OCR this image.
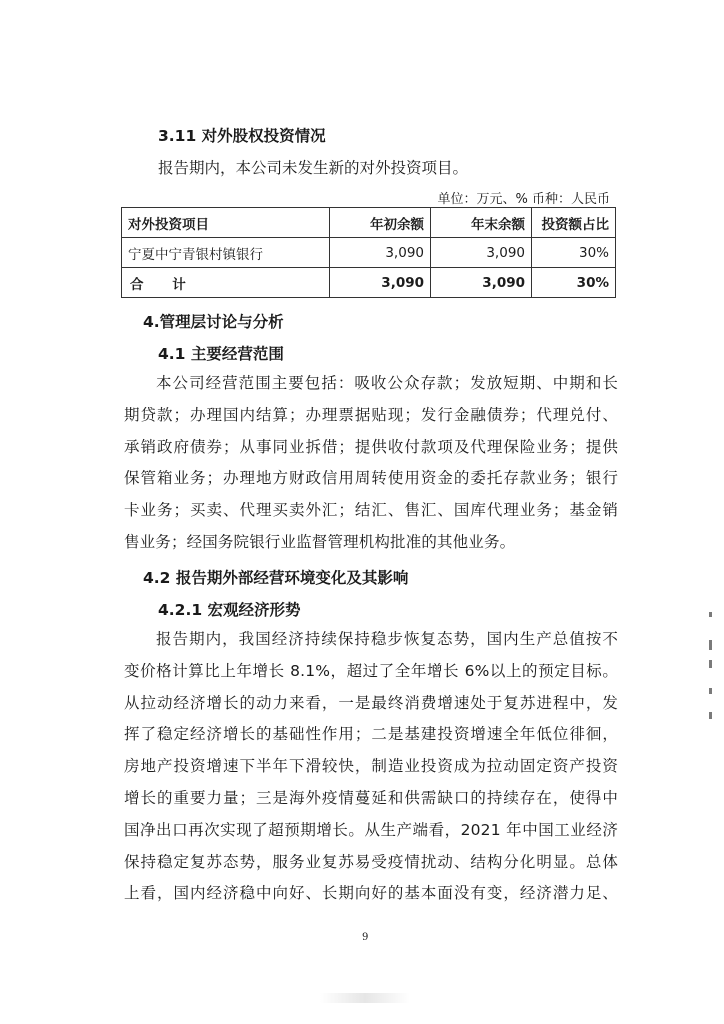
3.11 对外股权投资情况
报告期内，本公司未发生新的对外投资项目。
单位：万元、% 币种：人民币
对外投资项目	年初余额	年末余额	投资额占比
宁夏中宁青银村镇银行	3,090	3,090	30%
合 计	3,090	3,090	30%
4.管理层讨论与分析
4.1 主要经营范围
本公司经营范围主要包括：吸收公众存款；发放短期、中期和长
期贷款；办理国内结算；办理票据贴现；发行金融债券；代理兑付、
承销政府债券；从事同业拆借；提供收付款项及代理保险业务；提供
保管箱业务；办理地方财政信用周转使用资金的委托存款业务；银行
卡业务；买卖、代理买卖外汇；结汇、售汇、国库代理业务；基金销
售业务；经国务院银行业监督管理机构批准的其他业务。
4.2 报告期外部经营环境变化及其影响
4.2.1 宏观经济形势
报告期内，我国经济持续保持稳步恢复态势，国内生产总值按不
变价格计算比上年增长 8.1%，超过了全年增长 6%以上的预定目标。
从拉动经济增长的动力来看，一是最终消费增速处于复苏进程中，发
挥了稳定经济增长的基础性作用；二是基建投资增速全年低位徘徊，
房地产投资增速下半年下滑较快，制造业投资成为拉动固定资产投资
增长的重要力量；三是海外疫情蔓延和供需缺口的持续存在，使得中
国净出口再次实现了超预期增长。从生产端看，2021 年中国工业经济
保持稳定复苏态势，服务业复苏易受疫情扰动、结构分化明显。总体
上看，国内经济稳中向好、长期向好的基本面没有变，经济潜力足、
9
